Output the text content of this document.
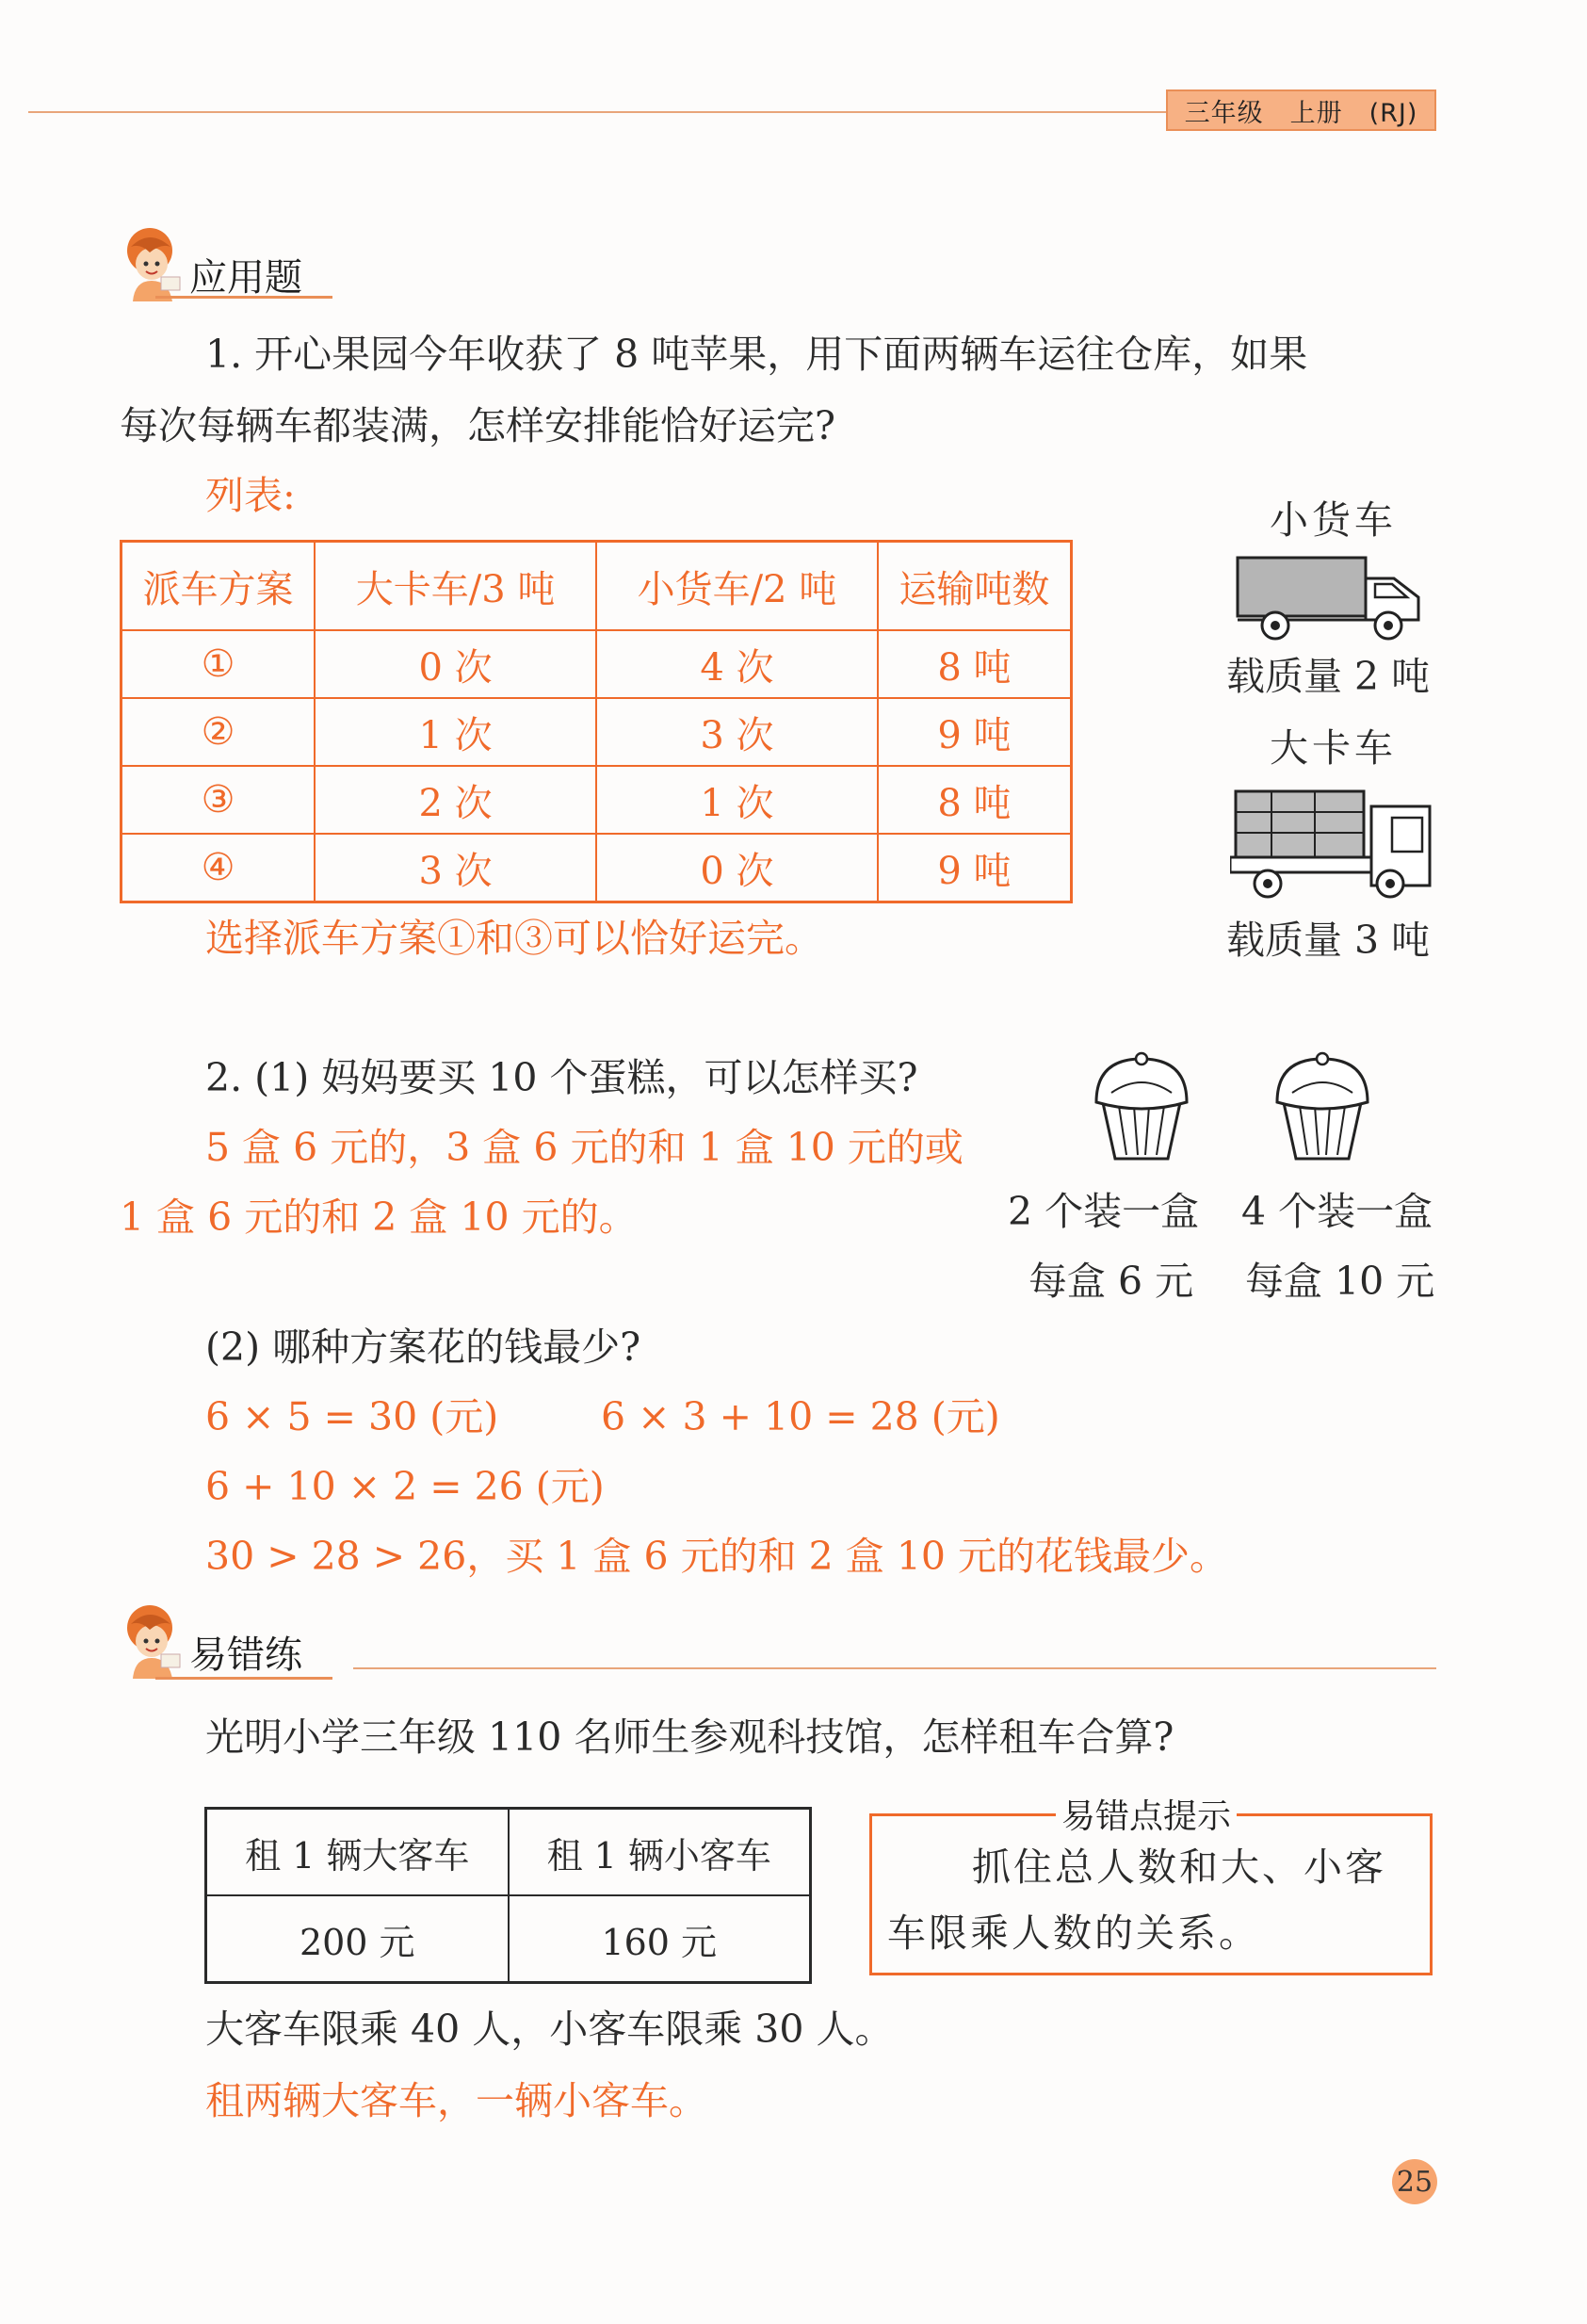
三年级　上册　(RJ)
应用题
1. 开心果园今年收获了 8 吨苹果，用下面两辆车运往仓库，如果
每次每辆车都装满，怎样安排能恰好运完?
列表:
派车方案	大卡车/3 吨	小货车/2 吨	运输吨数
①	0 次	4 次	8 吨
②	1 次	3 次	9 吨
③	2 次	1 次	8 吨
④	3 次	0 次	9 吨
选择派车方案①和③可以恰好运完。
小货车
载质量 2 吨
大卡车
载质量 3 吨
2. (1) 妈妈要买 10 个蛋糕，可以怎样买?
5 盒 6 元的，3 盒 6 元的和 1 盒 10 元的或
1 盒 6 元的和 2 盒 10 元的。	2 个装一盒 4 个装一盒
每盒 6 元 每盒 10 元
(2) 哪种方案花的钱最少?
6 × 5 = 30 (元)	6 × 3 + 10 = 28 (元)
6 + 10 × 2 = 26 (元)
30 > 28 > 26，买 1 盒 6 元的和 2 盒 10 元的花钱最少。
易错练
光明小学三年级 110 名师生参观科技馆，怎样租车合算?
租 1 辆大客车	租 1 辆小客车
200 元	160 元
易错点提示
抓住总人数和大、小客
车限乘人数的关系。
大客车限乘 40 人，小客车限乘 30 人。
租两辆大客车，一辆小客车。
25
